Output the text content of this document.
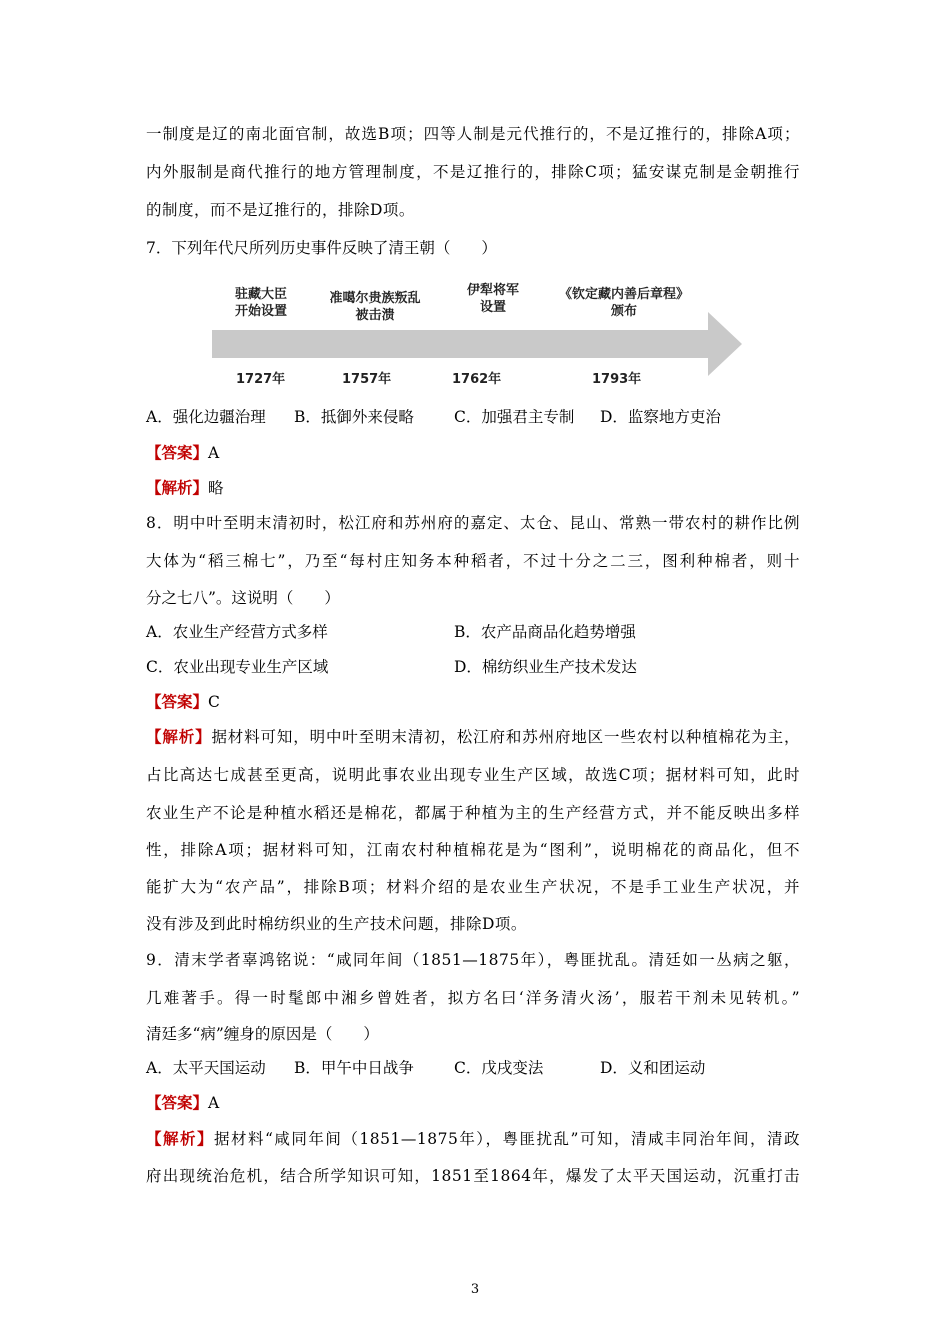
一制度是辽的南北面官制，故选B项；四等人制是元代推行的，不是辽推行的，排除A项；
内外服制是商代推行的地方管理制度，不是辽推行的，排除C项；猛安谋克制是金朝推行
的制度，而不是辽推行的，排除D项。
7．下列年代尺所列历史事件反映了清王朝（　　）
驻藏大臣
开始设置
准噶尔贵族叛乱
被击溃
伊犁将军
设置
《钦定藏内善后章程》
颁布
1727年	1757年	1762年	1793年
A．强化边疆治理 B．抵御外来侵略	C．加强君主专制 D．监察地方吏治
【答案】A
【解析】略
8．明中叶至明末清初时，松江府和苏州府的嘉定、太仓、昆山、常熟一带农村的耕作比例
大体为“稻三棉七”，乃至“每村庄知务本种稻者，不过十分之二三，图利种棉者，则十
分之七八”。这说明（　　）
A．农业生产经营方式多样	B．农产品商品化趋势增强
C．农业出现专业生产区域	D．棉纺织业生产技术发达
【答案】C
【解析】据材料可知，明中叶至明末清初，松江府和苏州府地区一些农村以种植棉花为主，
占比高达七成甚至更高，说明此事农业出现专业生产区域，故选C项；据材料可知，此时
农业生产不论是种植水稻还是棉花，都属于种植为主的生产经营方式，并不能反映出多样
性，排除A项；据材料可知，江南农村种植棉花是为“图利”，说明棉花的商品化，但不
能扩大为“农产品”，排除B项；材料介绍的是农业生产状况，不是手工业生产状况，并
没有涉及到此时棉纺织业的生产技术问题，排除D项。
9．清末学者辜鸿铭说：“咸同年间（1851—1875年），粤匪扰乱。清廷如一丛病之躯，
几难著手。得一时髦郎中湘乡曾姓者，拟方名曰‘洋务清火汤’，服若干剂未见转机。”
清廷多“病”缠身的原因是（　　）
A．太平天国运动 B．甲午中日战争	C．戊戌变法	D．义和团运动
【答案】A
【解析】据材料“咸同年间（1851—1875年），粤匪扰乱”可知，清咸丰同治年间，清政
府出现统治危机，结合所学知识可知，1851至1864年，爆发了太平天国运动，沉重打击
3
